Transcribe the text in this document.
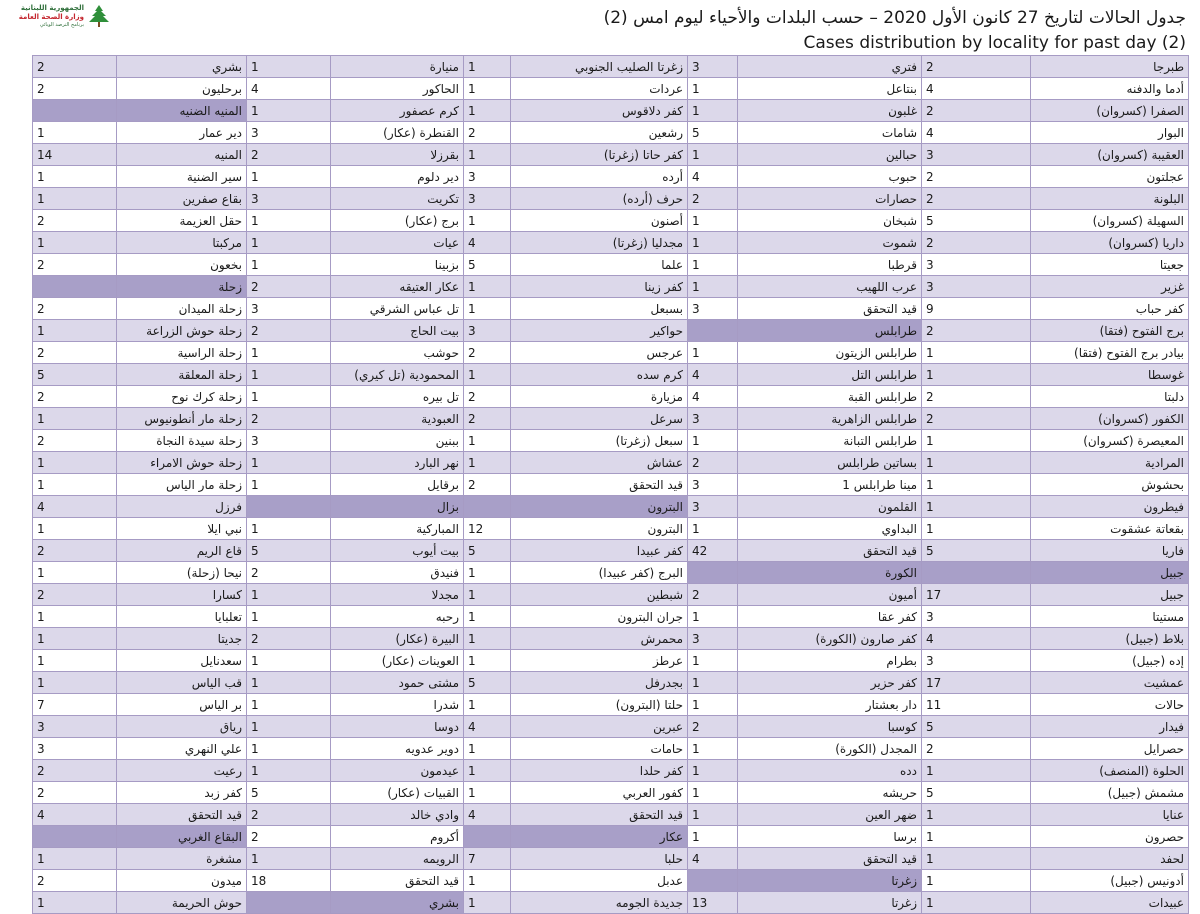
الجمهورية اللبنانية
وزارة الصحة العامة
برنامج الترصد الوبائي	جدول الحالات لتاريخ 27 كانون الأول 2020 – حسب البلدات والأحياء ليوم امس (2)
Cases distribution by locality for past day (2)
2	بشري	1	منيارة	1	زغرتا الصليب الجنوبي	3	فتري	2	طبرجا
2	برحليون	4	الحاكور	1	عردات	1	بنتاعل	4	أدما والدفنه
	المنيه الضنيه	1	كرم عصفور	1	كفر دلاقوس	1	غلبون	2	الصفرا (كسروان)
1	دير عمار	3	القنطرة (عكار)	2	رشعين	5	شامات	4	البوار
14	المنيه	2	بقرزلا	1	كفر حاتا (زغرتا)	1	حبالين	3	العقيبة (كسروان)
1	سير الضنية	1	دير دلوم	3	أرده	4	حبوب	2	عجلتون
1	بقاع صفرين	3	تكريت	3	حرف (أرده)	2	حصارات	2	البلونة
2	حقل العزيمة	1	برج (عكار)	1	أصنون	1	شبخان	5	السهيلة (كسروان)
1	مركبتا	1	عيات	4	مجدليا (زغرتا)	1	شموت	2	داريا (كسروان)
2	بخعون	1	بزبينا	5	علما	1	قرطبا	3	جعيتا
	زحلة	2	عكار العتيقه	1	كفر زينا	1	عرب اللهيب	3	غزير
2	زحلة الميدان	3	تل عباس الشرقي	1	بسبعل	3	قيد التحقق	9	كفر حباب
1	زحلة حوش الزراعة	2	بيت الحاج	3	حواكير		طرابلس	2	برج الفتوح (فتقا)
2	زحلة الراسية	1	حوشب	2	عرجس	1	طرابلس الزيتون	1	بيادر برج الفتوح (فتقا)
5	زحلة المعلقة	1	المحمودية (تل كيري)	1	كرم سده	4	طرابلس التل	1	غوسطا
2	زحلة كرك نوح	1	تل بيره	2	مزيارة	4	طرابلس القبة	2	دلبتا
1	زحلة مار أنطونيوس	2	العبودية	2	سرعل	3	طرابلس الزاهرية	2	الكفور (كسروان)
2	زحلة سيدة النجاة	3	ببنين	1	سبعل (زغرتا)	1	طرابلس التبانة	1	المعيصرة (كسروان)
1	زحلة حوش الامراء	1	نهر البارد	1	عشاش	2	بساتين طرابلس	1	المرادية
1	زحلة مار الياس	1	برقايل	2	قيد التحقق	3	مينا طرابلس 1	1	بحشوش
4	فرزل		بزال		البترون	3	القلمون	1	فيطرون
1	نبي ايلا	1	المباركية	12	البترون	1	البداوي	1	بقعاتة عشقوت
2	قاع الريم	5	بيت أيوب	5	كفر عبيدا	42	قيد التحقق	5	فاريا
1	نيحا (زحلة)	2	فنيدق	1	البرج (كفر عبيدا)		الكورة		جبيل
2	كسارا	1	مجدلا	1	شبطين	2	أميون	17	جبيل
1	تعلبايا	1	رحبه	1	جران البترون	1	كفر عقا	3	مستيتا
1	جديتا	2	البيرة (عكار)	1	محمرش	3	كفر صارون (الكورة)	4	بلاط (جبيل)
1	سعدنايل	1	العوينات (عكار)	1	عرطز	1	بطرام	3	إده (جبيل)
1	قب الياس	1	مشتى حمود	5	بجدرفل	1	كفر حزير	17	عمشيت
7	بر الياس	1	شدرا	1	حلتا (البترون)	1	دار بعشتار	11	حالات
3	رياق	1	دوسا	4	عبرين	2	كوسبا	5	فيدار
3	علي النهري	1	دوير عدويه	1	حامات	1	المجدل (الكورة)	2	حصرايل
2	رعيت	1	عيدمون	1	كفر حلدا	1	دده	1	الحلوة (المنصف)
2	كفر زبد	5	القبيات (عكار)	1	كفور العربي	1	حريشه	5	مشمش (جبيل)
4	قيد التحقق	2	وادي خالد	4	قيد التحقق	1	ضهر العين	1	عنايا
	البقاع الغربي	2	أكروم		عكار	1	برسا	1	حصرون
1	مشغرة	1	الرويمه	7	حلبا	4	قيد التحقق	1	لحفد
2	ميدون	18	قيد التحقق	1	عدبل		زغرتا	1	أدونيس (جبيل)
1	حوش الحريمة		بشري	1	جديدة الجومه	13	زغرتا	1	عبيدات
